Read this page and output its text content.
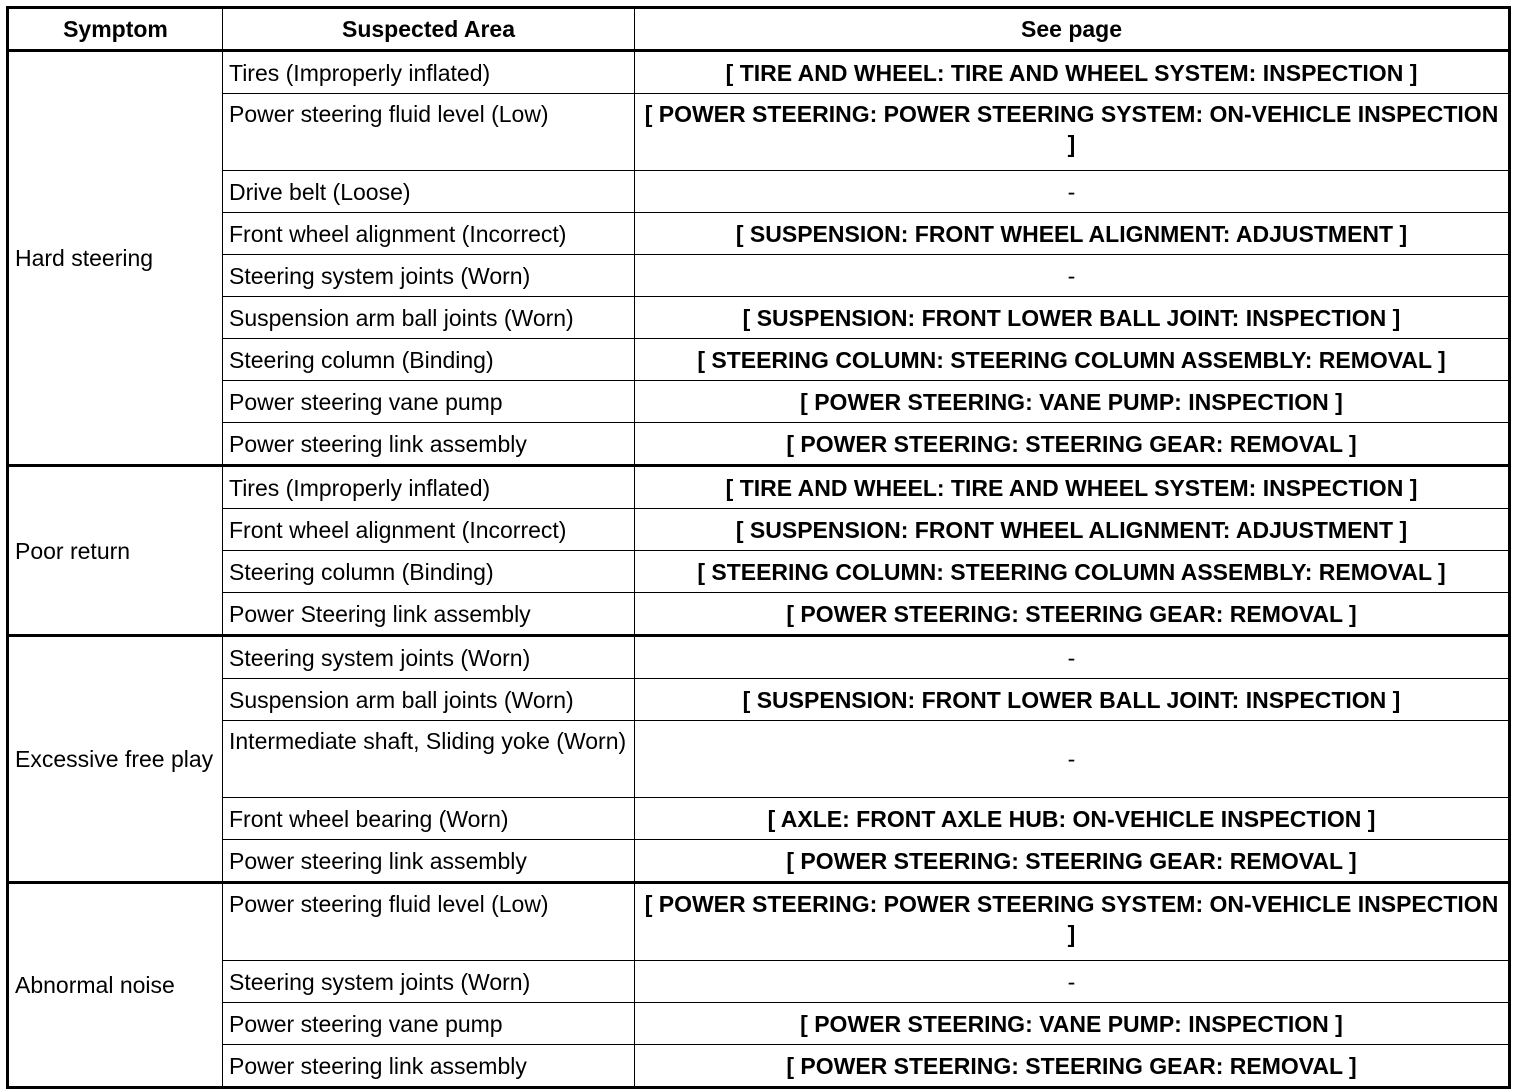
Symptom	Suspected Area	See page
Hard steering	Tires (Improperly inflated)	[ TIRE AND WHEEL: TIRE AND WHEEL SYSTEM: INSPECTION ]
	Power steering fluid level (Low)	[ POWER STEERING: POWER STEERING SYSTEM: ON-VEHICLE INSPECTION ]
	Drive belt (Loose)	-
	Front wheel alignment (Incorrect)	[ SUSPENSION: FRONT WHEEL ALIGNMENT: ADJUSTMENT ]
	Steering system joints (Worn)	-
	Suspension arm ball joints (Worn)	[ SUSPENSION: FRONT LOWER BALL JOINT: INSPECTION ]
	Steering column (Binding)	[ STEERING COLUMN: STEERING COLUMN ASSEMBLY: REMOVAL ]
	Power steering vane pump	[ POWER STEERING: VANE PUMP: INSPECTION ]
	Power steering link assembly	[ POWER STEERING: STEERING GEAR: REMOVAL ]
Poor return	Tires (Improperly inflated)	[ TIRE AND WHEEL: TIRE AND WHEEL SYSTEM: INSPECTION ]
	Front wheel alignment (Incorrect)	[ SUSPENSION: FRONT WHEEL ALIGNMENT: ADJUSTMENT ]
	Steering column (Binding)	[ STEERING COLUMN: STEERING COLUMN ASSEMBLY: REMOVAL ]
	Power Steering link assembly	[ POWER STEERING: STEERING GEAR: REMOVAL ]
Excessive free play	Steering system joints (Worn)	-
	Suspension arm ball joints (Worn)	[ SUSPENSION: FRONT LOWER BALL JOINT: INSPECTION ]
	Intermediate shaft, Sliding yoke (Worn)	-
	Front wheel bearing (Worn)	[ AXLE: FRONT AXLE HUB: ON-VEHICLE INSPECTION ]
	Power steering link assembly	[ POWER STEERING: STEERING GEAR: REMOVAL ]
Abnormal noise	Power steering fluid level (Low)	[ POWER STEERING: POWER STEERING SYSTEM: ON-VEHICLE INSPECTION ]
	Steering system joints (Worn)	-
	Power steering vane pump	[ POWER STEERING: VANE PUMP: INSPECTION ]
	Power steering link assembly	[ POWER STEERING: STEERING GEAR: REMOVAL ]
